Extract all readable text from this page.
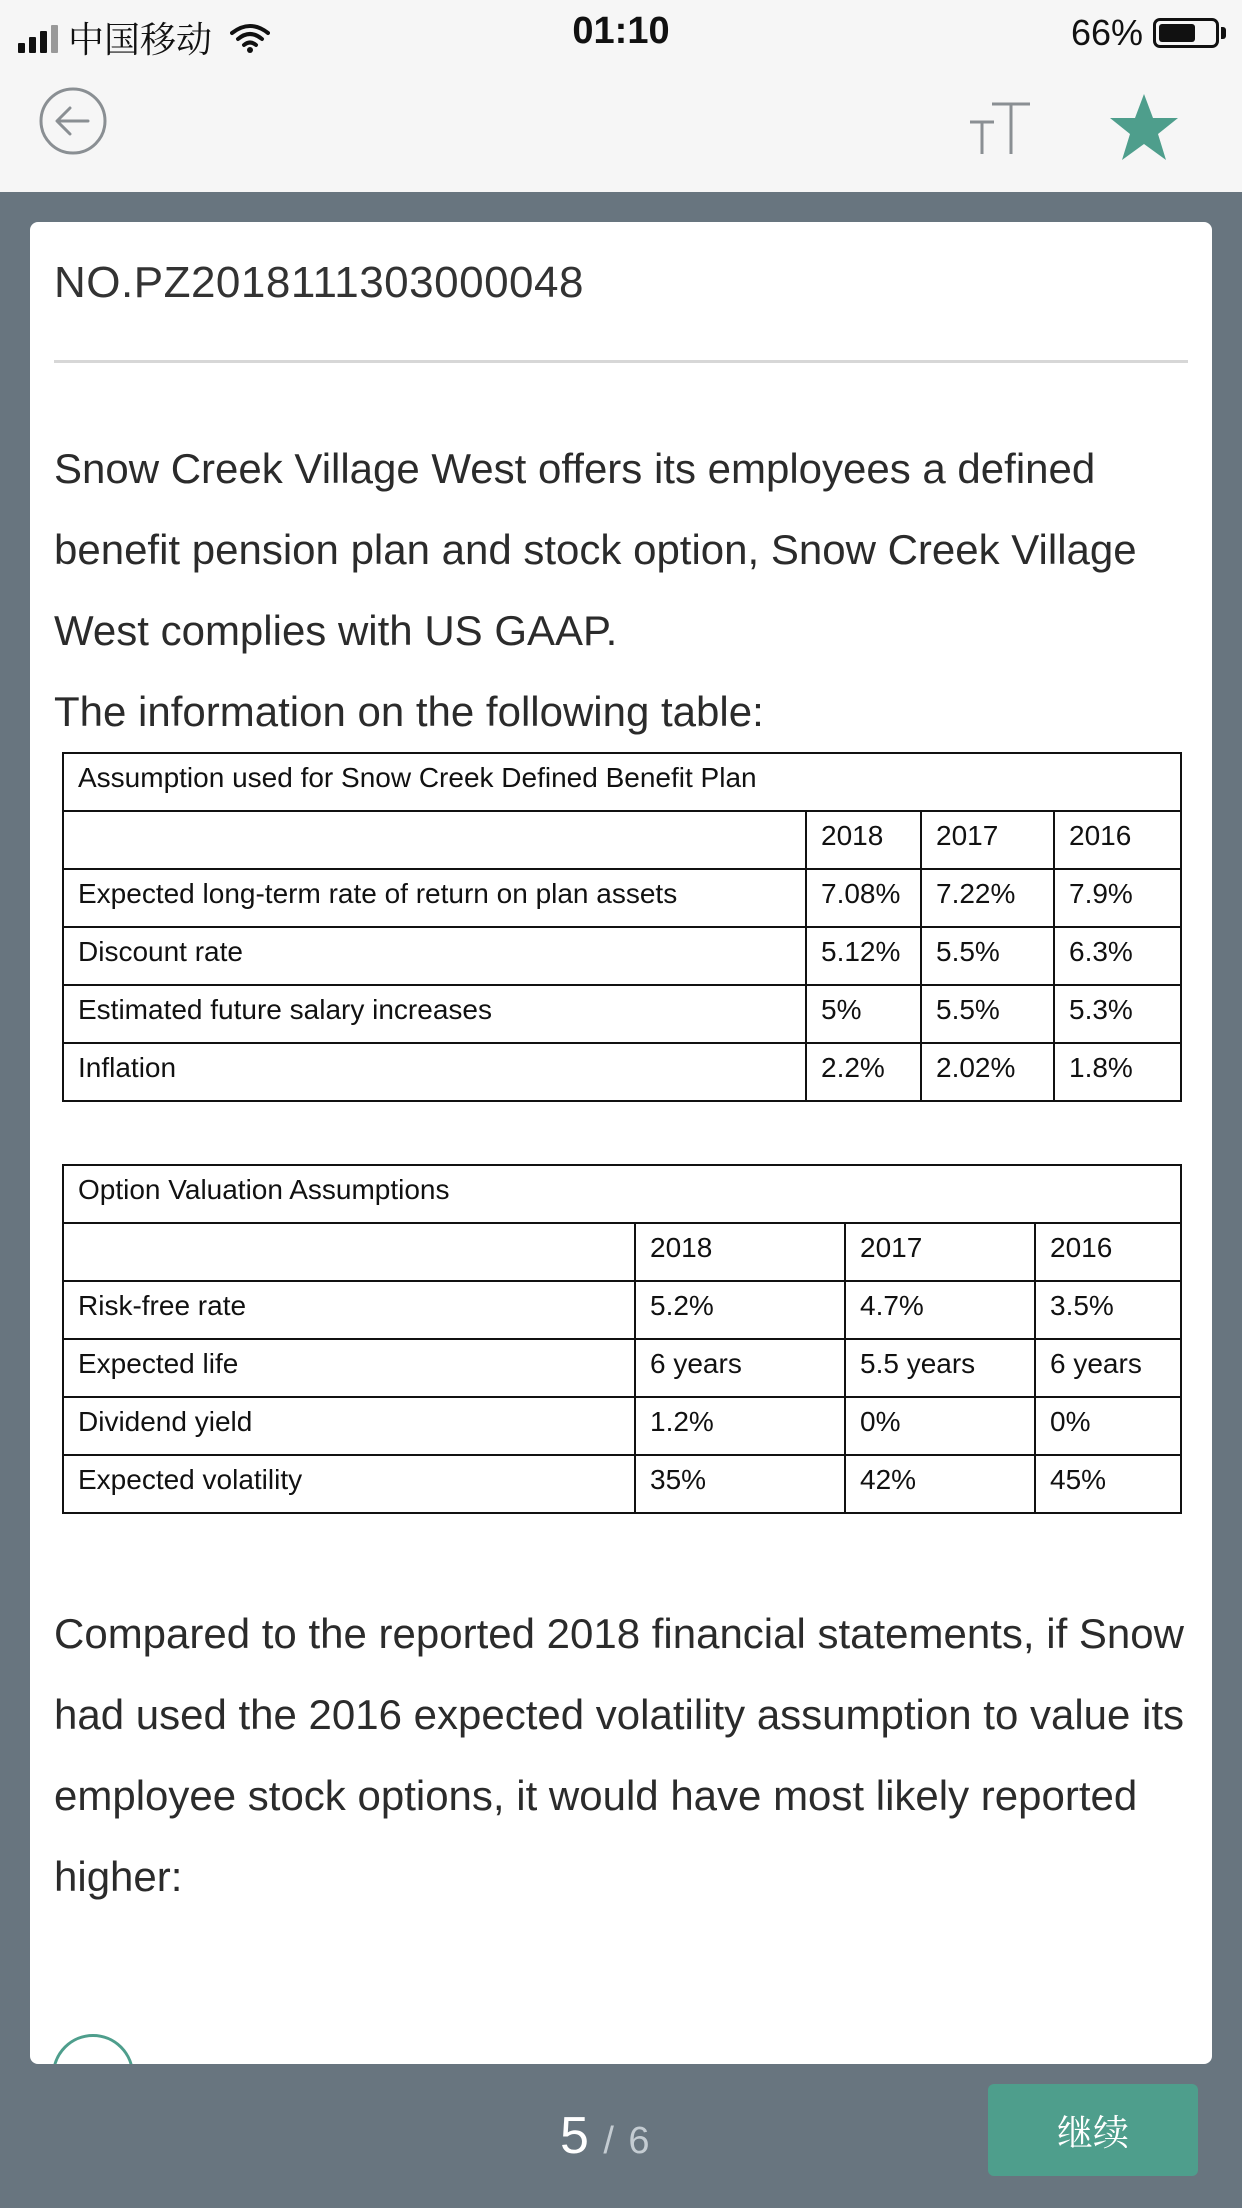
中国移动	01:10	66%
NO.PZ2018111303000048

Snow Creek Village West offers its employees a defined benefit pension plan and stock option, Snow Creek Village West complies with US GAAP.

The information on the following table:

Assumption used for Snow Creek Defined Benefit Plan			
	2018	2017	2016
Expected long-term rate of return on plan assets	7.08%	7.22%	7.9%
Discount rate	5.12%	5.5%	6.3%
Estimated future salary increases	5%	5.5%	5.3%
Inflation	2.2%	2.02%	1.8%
Option Valuation Assumptions			
	2018	2017	2016
Risk-free rate	5.2%	4.7%	3.5%
Expected life	6 years	5.5 years	6 years
Dividend yield	1.2%	0%	0%
Expected volatility	35%	42%	45%

Compared to the reported 2018 financial statements, if Snow had used the 2016 expected volatility assumption to value its employee stock options, it would have most likely reported higher:

5 / 6	继续
